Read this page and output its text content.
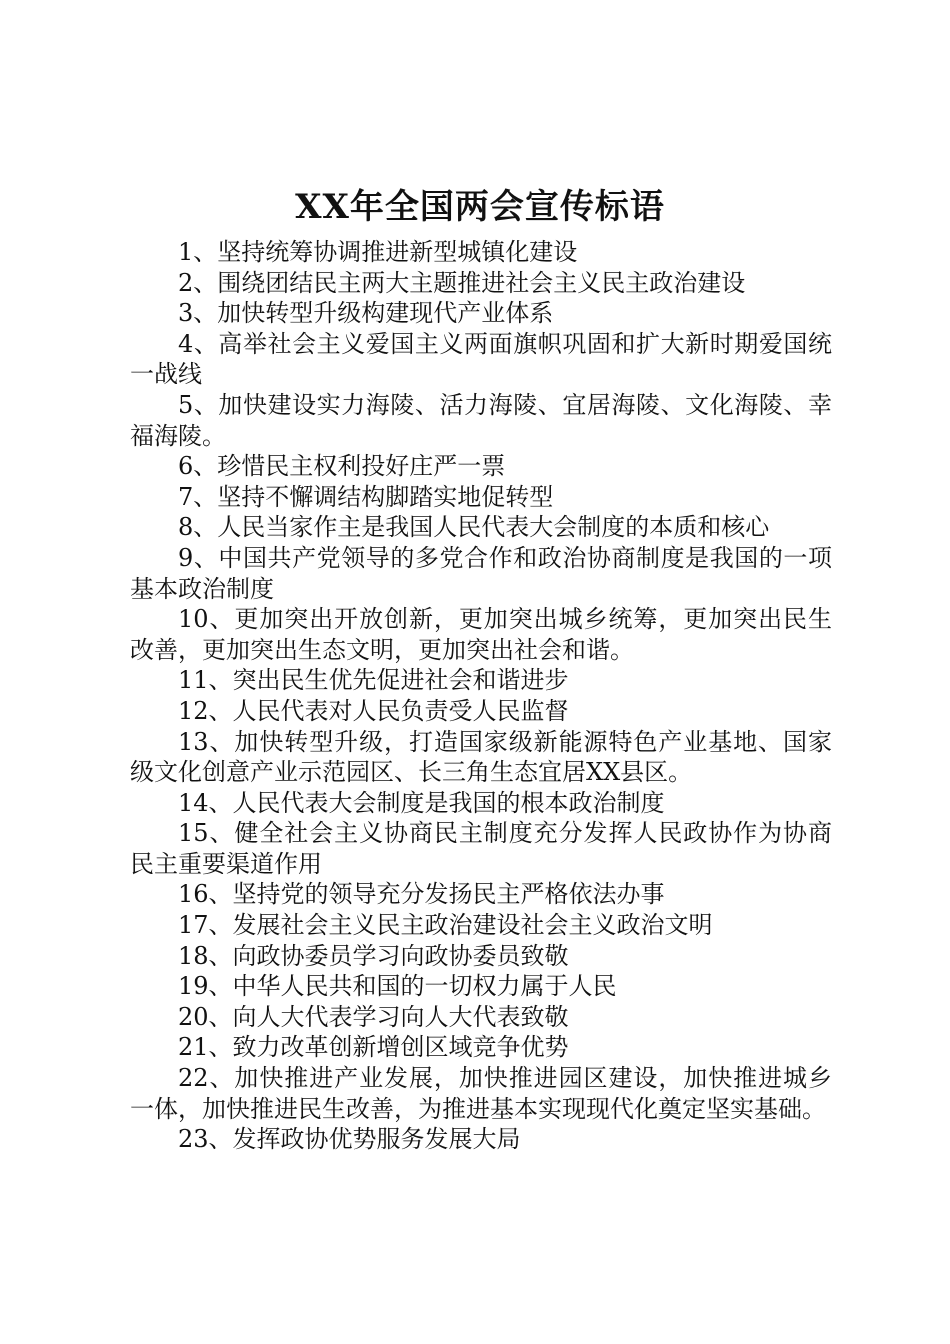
XX年全国两会宣传标语

1、坚持统筹协调推进新型城镇化建设

2、围绕团结民主两大主题推进社会主义民主政治建设

3、加快转型升级构建现代产业体系

4、高举社会主义爱国主义两面旗帜巩固和扩大新时期爱国统一战线

5、加快建设实力海陵、活力海陵、宜居海陵、文化海陵、幸福海陵。

6、珍惜民主权利投好庄严一票

7、坚持不懈调结构脚踏实地促转型

8、人民当家作主是我国人民代表大会制度的本质和核心

9、中国共产党领导的多党合作和政治协商制度是我国的一项基本政治制度

10、更加突出开放创新，更加突出城乡统筹，更加突出民生改善，更加突出生态文明，更加突出社会和谐。

11、突出民生优先促进社会和谐进步

12、人民代表对人民负责受人民监督

13、加快转型升级，打造国家级新能源特色产业基地、国家级文化创意产业示范园区、长三角生态宜居XX县区。

14、人民代表大会制度是我国的根本政治制度

15、健全社会主义协商民主制度充分发挥人民政协作为协商民主重要渠道作用

16、坚持党的领导充分发扬民主严格依法办事

17、发展社会主义民主政治建设社会主义政治文明

18、向政协委员学习向政协委员致敬

19、中华人民共和国的一切权力属于人民

20、向人大代表学习向人大代表致敬

21、致力改革创新增创区域竞争优势

22、加快推进产业发展，加快推进园区建设，加快推进城乡一体，加快推进民生改善，为推进基本实现现代化奠定坚实基础。

23、发挥政协优势服务发展大局
